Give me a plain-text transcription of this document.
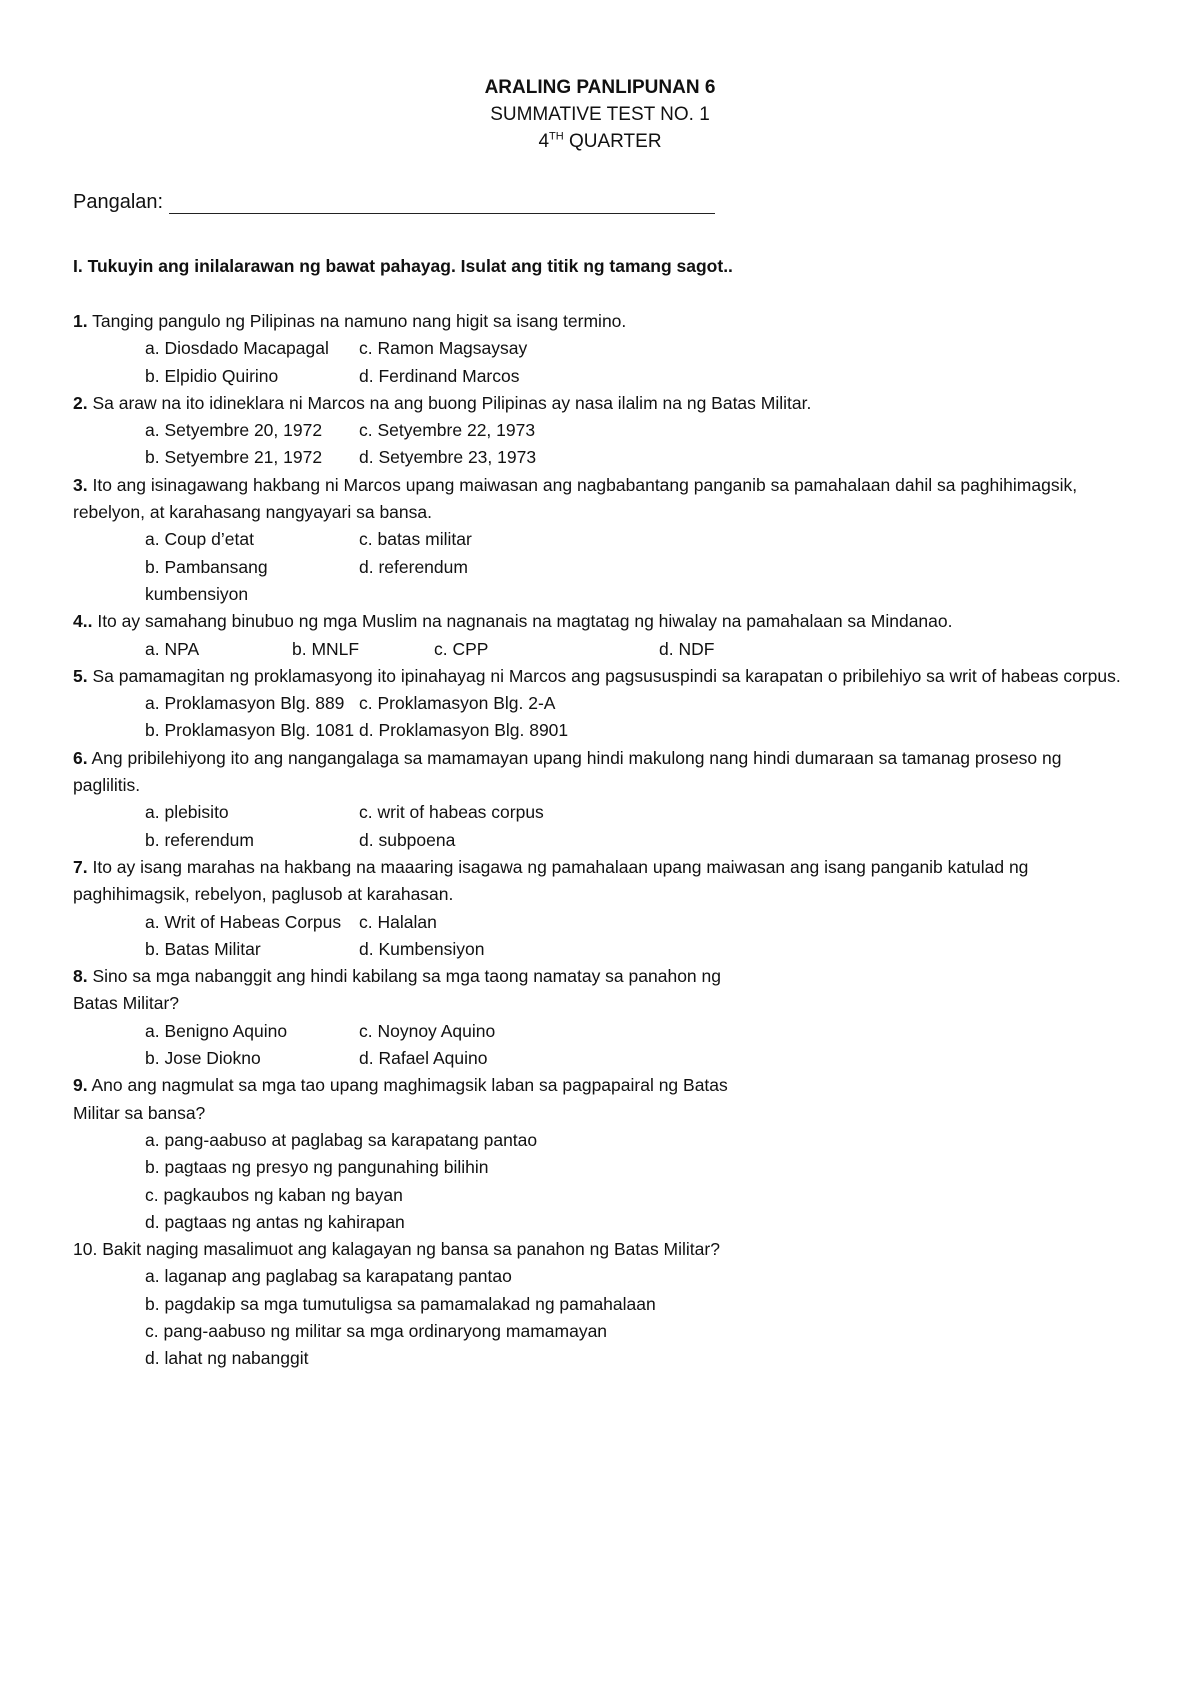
ARALING PANLIPUNAN 6
SUMMATIVE TEST NO. 1
4TH QUARTER
Pangalan:
I. Tukuyin ang inilalarawan ng bawat pahayag. Isulat ang titik ng tamang sagot..
1. Tanging pangulo ng Pilipinas na namuno nang higit sa isang termino.
a. Diosdado Macapagal	c. Ramon Magsaysay
b. Elpidio Quirino	d. Ferdinand Marcos
2. Sa araw na ito idineklara ni Marcos na ang buong Pilipinas ay nasa ilalim na ng Batas Militar.
a. Setyembre 20, 1972	c. Setyembre 22, 1973
b. Setyembre 21, 1972	d. Setyembre 23, 1973
3. Ito ang isinagawang hakbang ni Marcos upang maiwasan ang nagbabantang panganib sa pamahalaan dahil sa paghihimagsik, rebelyon, at karahasang nangyayari sa bansa.
a. Coup d’etat	c. batas militar
b. Pambansang kumbensiyon
d. referendum
4.. Ito ay samahang binubuo ng mga Muslim na nagnanais na magtatag ng hiwalay na pamahalaan sa Mindanao.
a. NPA	b. MNLF	c. CPP	d. NDF
5. Sa pamamagitan ng proklamasyong ito ipinahayag ni Marcos ang pagsususpindi sa karapatan o pribilehiyo sa writ of habeas corpus.
a. Proklamasyon Blg. 889 c. Proklamasyon Blg. 2-A
b. Proklamasyon Blg. 1081 d. Proklamasyon Blg. 8901
6. Ang pribilehiyong ito ang nangangalaga sa mamamayan upang hindi makulong nang hindi dumaraan sa tamanag proseso ng paglilitis.
a. plebisito	c. writ of habeas corpus
b. referendum	d. subpoena
7. Ito ay isang marahas na hakbang na maaaring isagawa ng pamahalaan upang maiwasan ang isang panganib katulad ng paghihimagsik, rebelyon, paglusob at karahasan.
a. Writ of Habeas Corpus	c. Halalan
b. Batas Militar	d. Kumbensiyon
8. Sino sa mga nabanggit ang hindi kabilang sa mga taong namatay sa panahon ng
Batas Militar?
a. Benigno Aquino	c. Noynoy Aquino
b. Jose Diokno	d. Rafael Aquino
9. Ano ang nagmulat sa mga tao upang maghimagsik laban sa pagpapairal ng Batas
Militar sa bansa?
a. pang-aabuso at paglabag sa karapatang pantao
b. pagtaas ng presyo ng pangunahing bilihin
c. pagkaubos ng kaban ng bayan
d. pagtaas ng antas ng kahirapan
10. Bakit naging masalimuot ang kalagayan ng bansa sa panahon ng Batas Militar?
a. laganap ang paglabag sa karapatang pantao
b. pagdakip sa mga tumutuligsa sa pamamalakad ng pamahalaan
c. pang-aabuso ng militar sa mga ordinaryong mamamayan
d. lahat ng nabanggit
